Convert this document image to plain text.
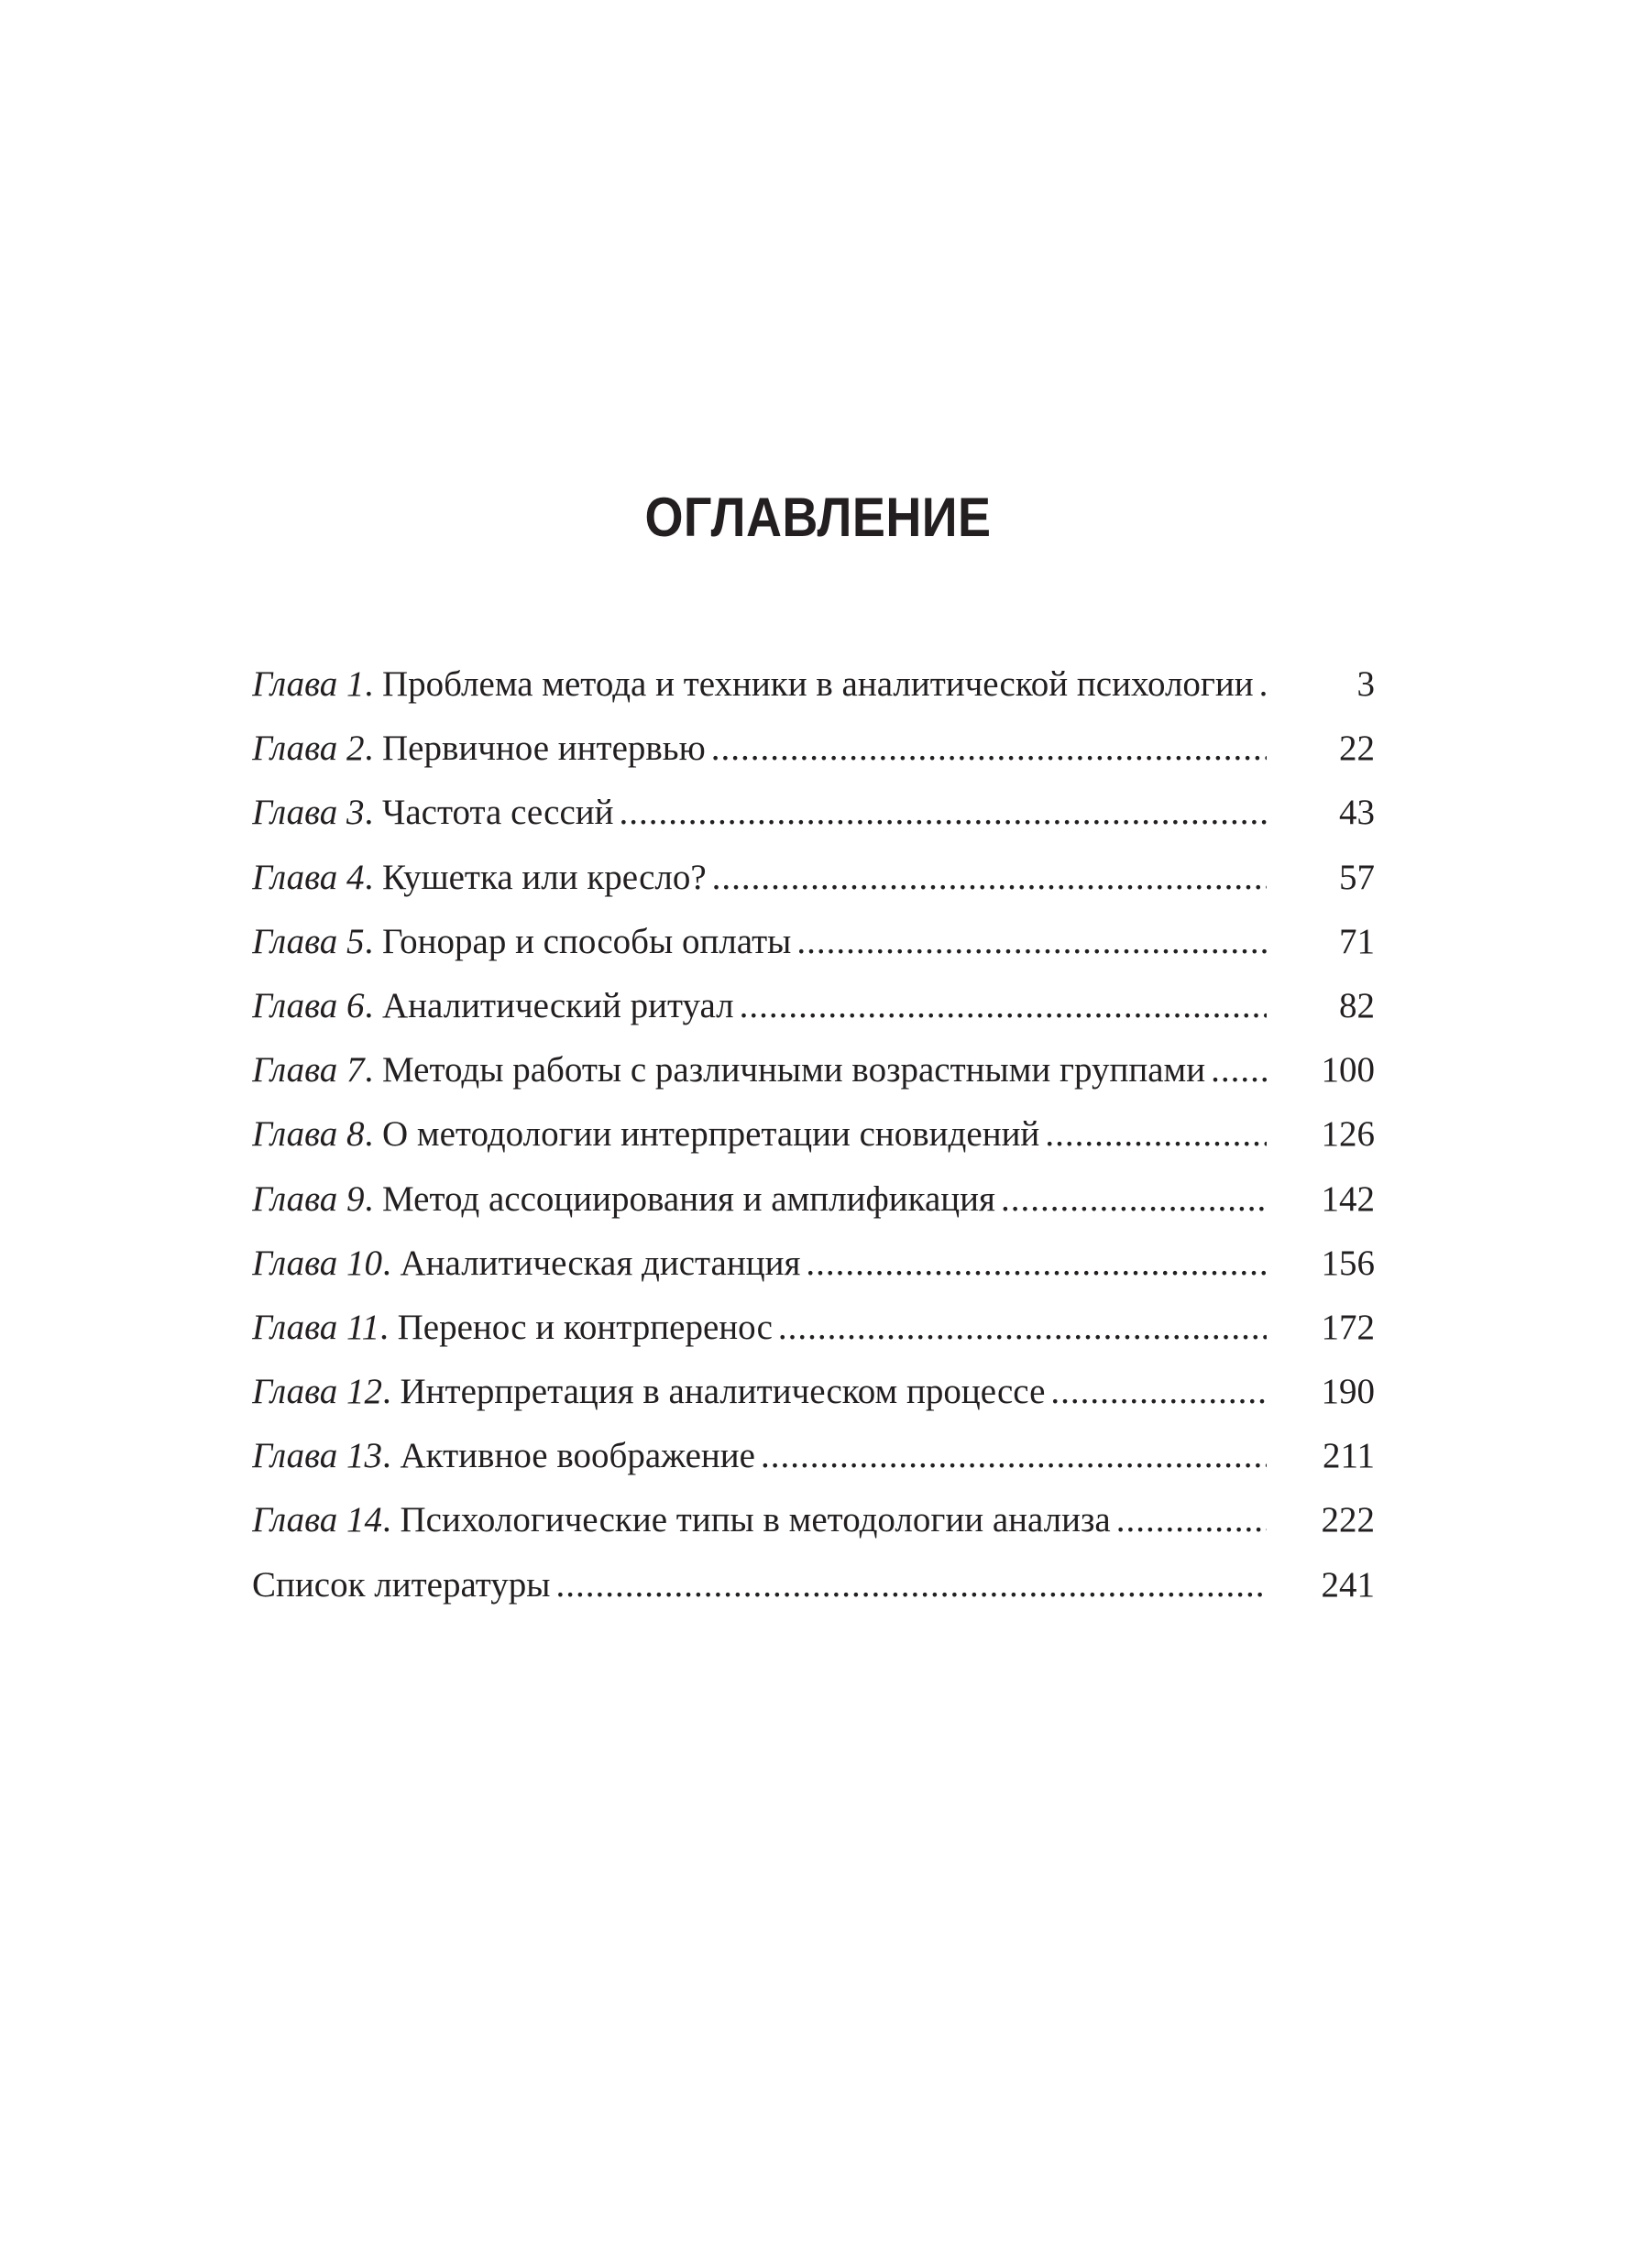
ОГЛАВЛЕНИЕ
Глава 1. Проблема метода и техники в аналитической психологии .....	3
Глава 2. Первичное интервью .....	22
Глава 3. Частота сессий .....	43
Глава 4. Кушетка или кресло? .....	57
Глава 5. Гонорар и способы оплаты .....	71
Глава 6. Аналитический ритуал .....	82
Глава 7. Методы работы с различными возрастными группами .....	100
Глава 8. О методологии интерпретации сновидений .....	126
Глава 9. Метод ассоциирования и амплификация .....	142
Глава 10. Аналитическая дистанция .....	156
Глава 11. Перенос и контрперенос .....	172
Глава 12. Интерпретация в аналитическом процессе .....	190
Глава 13. Активное воображение .....	211
Глава 14. Психологические типы в методологии анализа .....	222
Список литературы .....	241
